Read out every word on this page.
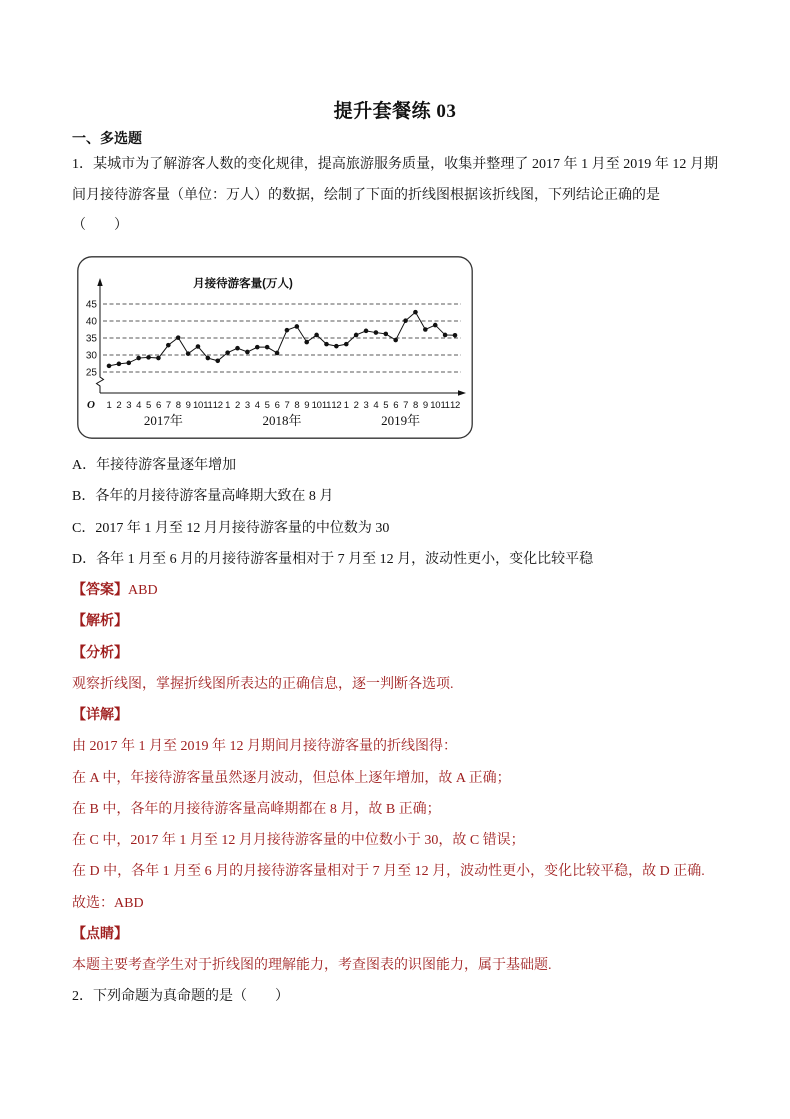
提升套餐练 03
一、多选题
1．某城市为了解游客人数的变化规律，提高旅游服务质量，收集并整理了 2017 年 1 月至 2019 年 12 月期
间月接待游客量（单位：万人）的数据，绘制了下面的折线图根据该折线图，下列结论正确的是
（　　）
月接待游客量(万人)
O
25
30
35
40
45
1 2 3 4 5 6 7 8 9 10 11 12 1 2 3 4 5 6 7 8 9 10 11 12 1 2 3 4 5 6 7 8 9 10 11 12
2017年	2018年	2019年
A．年接待游客量逐年增加
B．各年的月接待游客量高峰期大致在 8 月
C．2017 年 1 月至 12 月月接待游客量的中位数为 30
D．各年 1 月至 6 月的月接待游客量相对于 7 月至 12 月，波动性更小，变化比较平稳
【答案】ABD
【解析】
【分析】
观察折线图，掌握折线图所表达的正确信息，逐一判断各选项.
【详解】
由 2017 年 1 月至 2019 年 12 月期间月接待游客量的折线图得：
在 A 中，年接待游客量虽然逐月波动，但总体上逐年增加，故 A 正确；
在 B 中，各年的月接待游客量高峰期都在 8 月，故 B 正确；
在 C 中，2017 年 1 月至 12 月月接待游客量的中位数小于 30，故 C 错误；
在 D 中，各年 1 月至 6 月的月接待游客量相对于 7 月至 12 月，波动性更小，变化比较平稳，故 D 正确.
故选：ABD
【点睛】
本题主要考查学生对于折线图的理解能力，考查图表的识图能力，属于基础题.
2．下列命题为真命题的是（　　）
